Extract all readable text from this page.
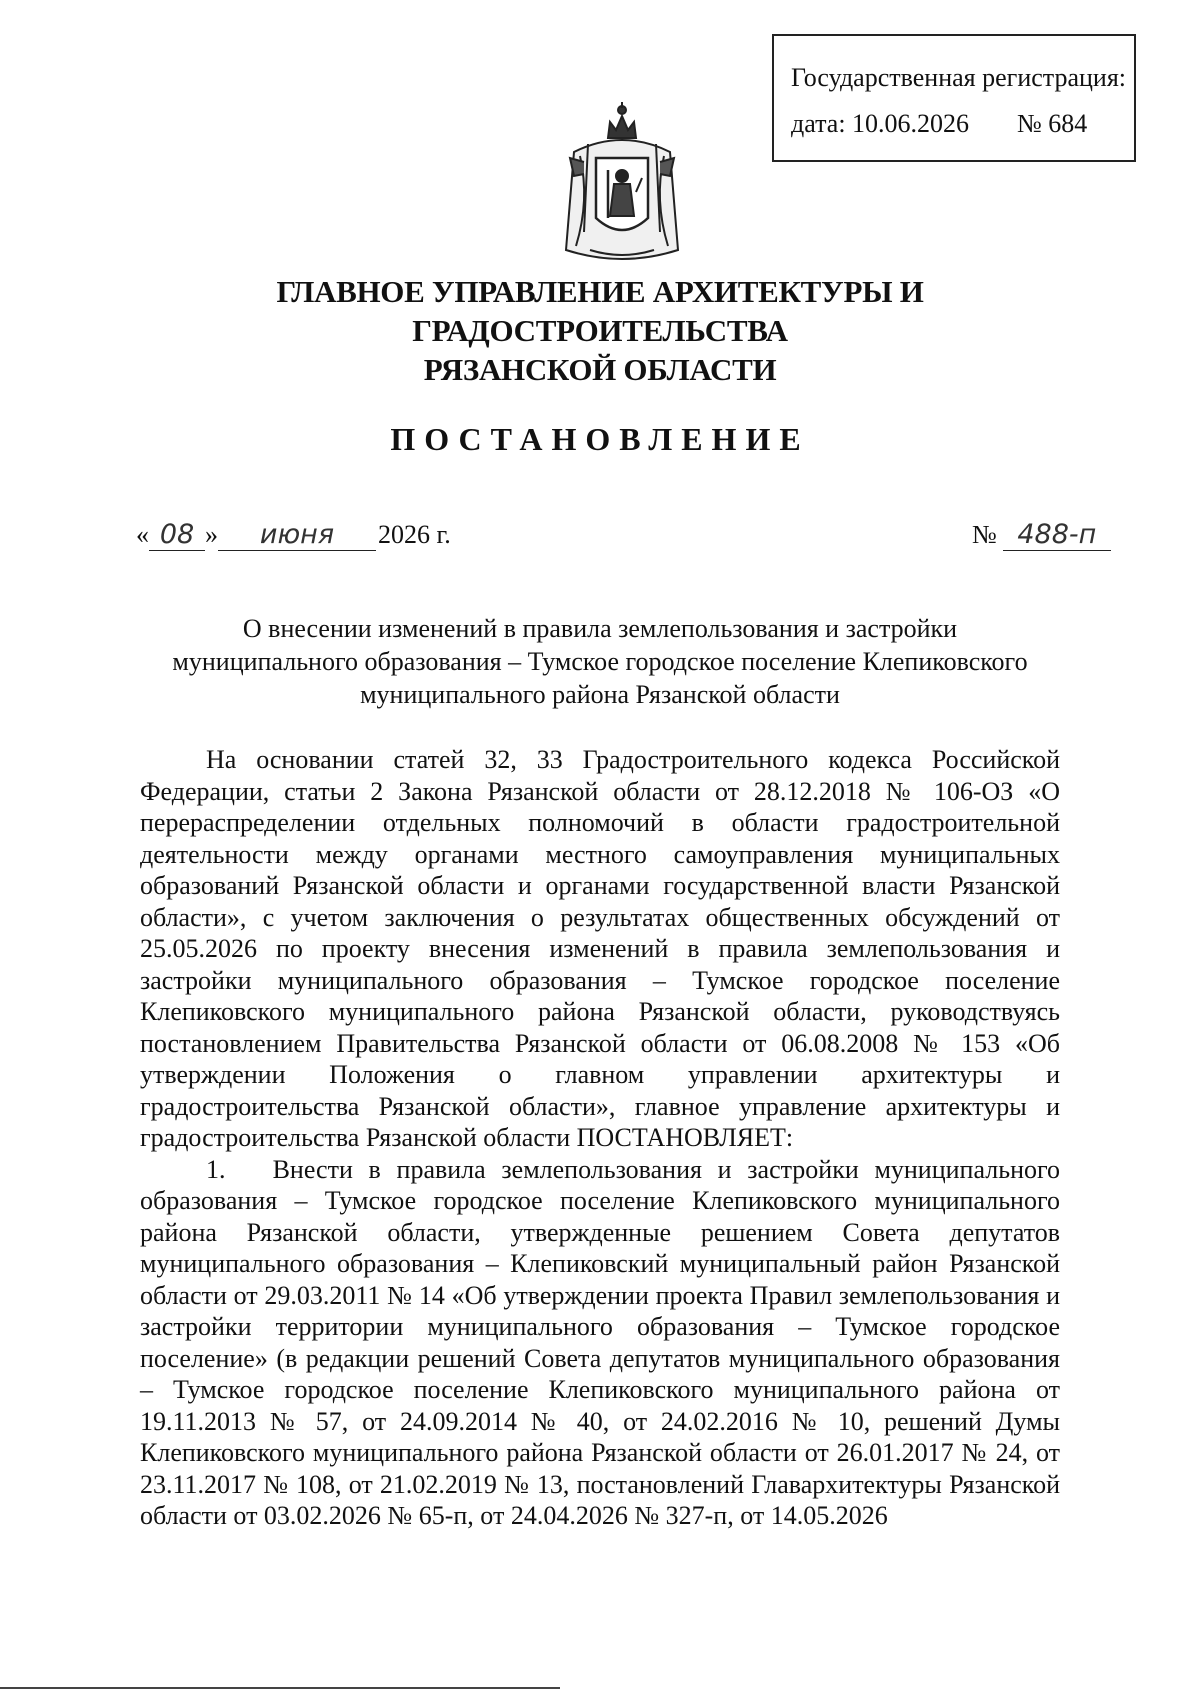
Государственная регистрация:
дата: 10.06.2026 № 684
ГЛАВНОЕ УПРАВЛЕНИЕ АРХИТЕКТУРЫ И ГРАДОСТРОИТЕЛЬСТВА
РЯЗАНСКОЙ ОБЛАСТИ
ПОСТАНОВЛЕНИЕ
« 08 » июня 2026 г.	№ 488-п
О внесении изменений в правила землепользования и застройки
муниципального образования – Тумское городское поселение Клепиковского
муниципального района Рязанской области

На основании статей 32, 33 Градостроительного кодекса Российской Федерации, статьи 2 Закона Рязанской области от 28.12.2018 № 106-ОЗ «О перераспределении отдельных полномочий в области градостроительной деятельности между органами местного самоуправления муниципальных образований Рязанской области и органами государственной власти Рязанской области», с учетом заключения о результатах общественных обсуждений от 25.05.2026 по проекту внесения изменений в правила землепользования и застройки муниципального образования – Тумское городское поселение Клепиковского муниципального района Рязанской области, руководствуясь постановлением Правительства Рязанской области от 06.08.2008 № 153 «Об утверждении Положения о главном управлении архитектуры и градостроительства Рязанской области», главное управление архитектуры и градостроительства Рязанской области ПОСТАНОВЛЯЕТ:

1.   Внести в правила землепользования и застройки муниципального образования – Тумское городское поселение Клепиковского муниципального района Рязанской области, утвержденные решением Совета депутатов муниципального образования – Клепиковский муниципальный район Рязанской области от 29.03.2011 № 14 «Об утверждении проекта Правил землепользования и застройки территории муниципального образования – Тумское городское поселение» (в редакции решений Совета депутатов муниципального образования – Тумское городское поселение Клепиковского муниципального района от 19.11.2013 № 57, от 24.09.2014 № 40, от 24.02.2016 № 10, решений Думы Клепиковского муниципального района Рязанской области от 26.01.2017 № 24, от 23.11.2017 № 108, от 21.02.2019 № 13, постановлений Главархитектуры Рязанской области от 03.02.2026 № 65-п, от 24.04.2026 № 327-п, от 14.05.2026
